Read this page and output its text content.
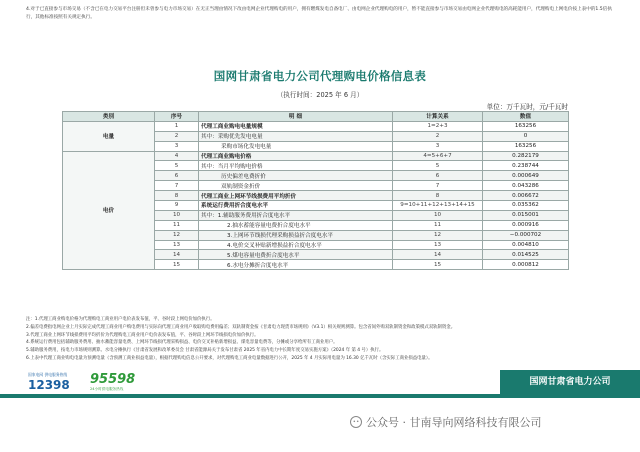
4.对于已直接参与市场交易（不含已在电力交易平台注册但未曾参与电力市场交易）在无正当理由情况下改由电网企业代理购电的用户，拥有燃煤发电自备电厂、由电网企业代理购电的用户，暂不能直接参与市场交易由电网企业代理购电的高耗能用户，代理购电上网电价按上表中的1.5倍执行，其他标准按照有关规定执行。
国网甘肃省电力公司代理购电价格信息表
（执行时间：2025 年 6 月）
单位：万千瓦时，元/千瓦时
类别	序号	明 细	计算关系	数值
电量	1	代理工商业购电电量规模	1=2+3	163256
	2	其中：采购优先发电电量	2	0
	3	采购市场化发电电量	3	163256
电价	4	代理工商业购电价格	4=5+6+7	0.282179
	5	其中：当月平均购电价格	5	0.238744
	6	历史偏差电费折价	6	0.000649
	7	双轨制资金折价	7	0.043286
	8	代理工商业上网环节线损费用平均折价	8	0.006672
	9	系统运行费用折合度电水平	9=10+11+12+13+14+15	0.035362
	10	其中：1.辅助服务费用折合度电水平	10	0.015001
	11	2.抽水蓄能容量电费折合度电水平	11	0.000916
	12	3.上网环节线损代理采购损益折合度电水平	12	−0.000702
	13	4.电价交叉补贴新增损益折合度电水平	13	0.004810
	14	5.煤电容量电费折合度电水平	14	0.014525
	15	6.水电分摊折合度电水平	15	0.000812
注：1.代理工商业购电价格为代理购电工商业用户电价表发布值，平、谷时段上网电价加价执行。
2.偏差电费指电网企业上月实际完成代理工商业用户购电费用与实际向代理工商业用户收取购电费用偏差；双轨制资金按《甘肃电力现货市场规则》（V3.1）相关规则测算。包含省间外购双轨制资金和政策模式双轨制资金。
3.代理工商业上网环节线损费用平均折价为代理购电工商业用户电价表发布值，平、谷时段上网环节线损电价加价执行。
4.系统运行费用包括辅助服务费用、抽水蓄能容量电费、上网环节线损代理采购损益、电价交叉补贴新增损益、煤电容量电费等，分摊或分享给所有工商业用户。
5.辅助服务费用，按电力市场规则测算。水电分摊执行《甘肃省发展和改革委员会 甘肃省能源局关于发布甘肃省 2025 年省内电力中长期年度交易实施方案》（2024 年 第 4 号）执行。
6.上表中代理工商业购电电量为预测电量（含预测工商业损益电量），根据代理购电信息公开要求，对代理购电工商业电量数据进行公开，2025 年 4 月实际用电量为 16.30 亿千瓦时（含实际工商业损益电量）。
国家电网 供电服务热线
12398	95598
24小时供电服务热线
国网甘肃省电力公司
公众号 · 甘南导向网络科技有限公司
